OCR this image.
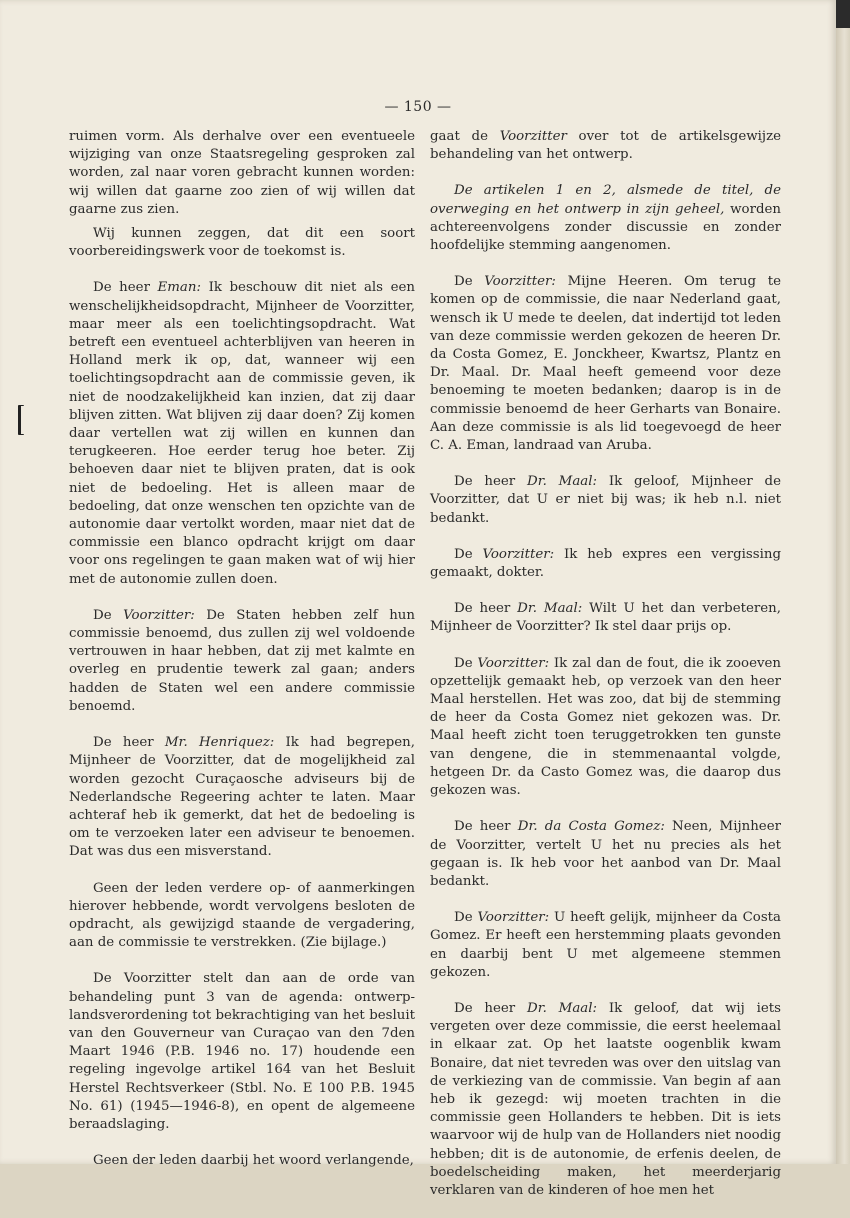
— 150 —

ruimen vorm. Als derhalve over een eventueele wijziging van onze Staatsregeling gesproken zal worden, zal naar voren gebracht kunnen worden: wij willen dat gaarne zoo zien of wij willen dat gaarne zus zien.

Wij kunnen zeggen, dat dit een soort voorbereidingswerk voor de toekomst is.

De heer Eman: Ik beschouw dit niet als een wenschelijkheidsopdracht, Mijnheer de Voorzitter, maar meer als een toelichtingsopdracht. Wat betreft een eventueel achterblijven van heeren in Holland merk ik op, dat, wanneer wij een toelichtingsopdracht aan de commissie geven, ik niet de noodzakelijkheid kan inzien, dat zij daar blijven zitten. Wat blijven zij daar doen? Zij komen daar vertellen wat zij willen en kunnen dan terugkeeren. Hoe eerder terug hoe beter. Zij behoeven daar niet te blijven praten, dat is ook niet de bedoeling. Het is alleen maar de bedoeling, dat onze wenschen ten opzichte van de autonomie daar vertolkt worden, maar niet dat de commissie een blanco opdracht krijgt om daar voor ons regelingen te gaan maken wat of wij hier met de autonomie zullen doen.

De Voorzitter: De Staten hebben zelf hun commissie benoemd, dus zullen zij wel voldoende vertrouwen in haar hebben, dat zij met kalmte en overleg en prudentie tewerk zal gaan; anders hadden de Staten wel een andere commissie benoemd.

De heer Mr. Henriquez: Ik had begrepen, Mijnheer de Voorzitter, dat de mogelijkheid zal worden gezocht Curaçaosche adviseurs bij de Nederlandsche Regeering achter te laten. Maar achteraf heb ik gemerkt, dat het de bedoeling is om te verzoeken later een adviseur te benoemen. Dat was dus een misverstand.

Geen der leden verdere op- of aanmerkingen hierover hebbende, wordt vervolgens besloten de opdracht, als gewijzigd staande de vergadering, aan de commissie te verstrekken. (Zie bijlage.)

De Voorzitter stelt dan aan de orde van behandeling punt 3 van de agenda: ontwerp-landsverordening tot bekrachtiging van het besluit van den Gouverneur van Curaçao van den 7den Maart 1946 (P.B. 1946 no. 17) houdende een regeling ingevolge artikel 164 van het Besluit Herstel Rechtsverkeer (Stbl. No. E 100 P.B. 1945 No. 61) (1945—1946-8), en opent de algemeene beraadslaging.

Geen der leden daarbij het woord verlangende,

gaat de Voorzitter over tot de artikelsgewijze behandeling van het ontwerp.

De artikelen 1 en 2, alsmede de titel, de overweging en het ontwerp in zijn geheel, worden achtereenvolgens zonder discussie en zonder hoofdelijke stemming aangenomen.

De Voorzitter: Mijne Heeren. Om terug te komen op de commissie, die naar Nederland gaat, wensch ik U mede te deelen, dat indertijd tot leden van deze commissie werden gekozen de heeren Dr. da Costa Gomez, E. Jonckheer, Kwartsz, Plantz en Dr. Maal. Dr. Maal heeft gemeend voor deze benoeming te moeten bedanken; daarop is in de commissie benoemd de heer Gerharts van Bonaire. Aan deze commissie is als lid toegevoegd de heer C. A. Eman, landraad van Aruba.

De heer Dr. Maal: Ik geloof, Mijnheer de Voorzitter, dat U er niet bij was; ik heb n.l. niet bedankt.

De Voorzitter: Ik heb expres een vergissing gemaakt, dokter.

De heer Dr. Maal: Wilt U het dan verbeteren, Mijnheer de Voorzitter? Ik stel daar prijs op.

De Voorzitter: Ik zal dan de fout, die ik zooeven opzettelijk gemaakt heb, op verzoek van den heer Maal herstellen. Het was zoo, dat bij de stemming de heer da Costa Gomez niet gekozen was. Dr. Maal heeft zicht toen teruggetrokken ten gunste van dengene, die in stemmenaantal volgde, hetgeen Dr. da Casto Gomez was, die daarop dus gekozen was.

De heer Dr. da Costa Gomez: Neen, Mijnheer de Voorzitter, vertelt U het nu precies als het gegaan is. Ik heb voor het aanbod van Dr. Maal bedankt.

De Voorzitter: U heeft gelijk, mijnheer da Costa Gomez. Er heeft een herstemming plaats gevonden en daarbij bent U met algemeene stemmen gekozen.

De heer Dr. Maal: Ik geloof, dat wij iets vergeten over deze commissie, die eerst heelemaal in elkaar zat. Op het laatste oogenblik kwam Bonaire, dat niet tevreden was over den uitslag van de verkiezing van de commissie. Van begin af aan heb ik gezegd: wij moeten trachten in die commissie geen Hollanders te hebben. Dit is iets waarvoor wij de hulp van de Hollanders niet noodig hebben; dit is de autonomie, de erfenis deelen, de boedelscheiding maken, het meerderjarig verklaren van de kinderen of hoe men het
